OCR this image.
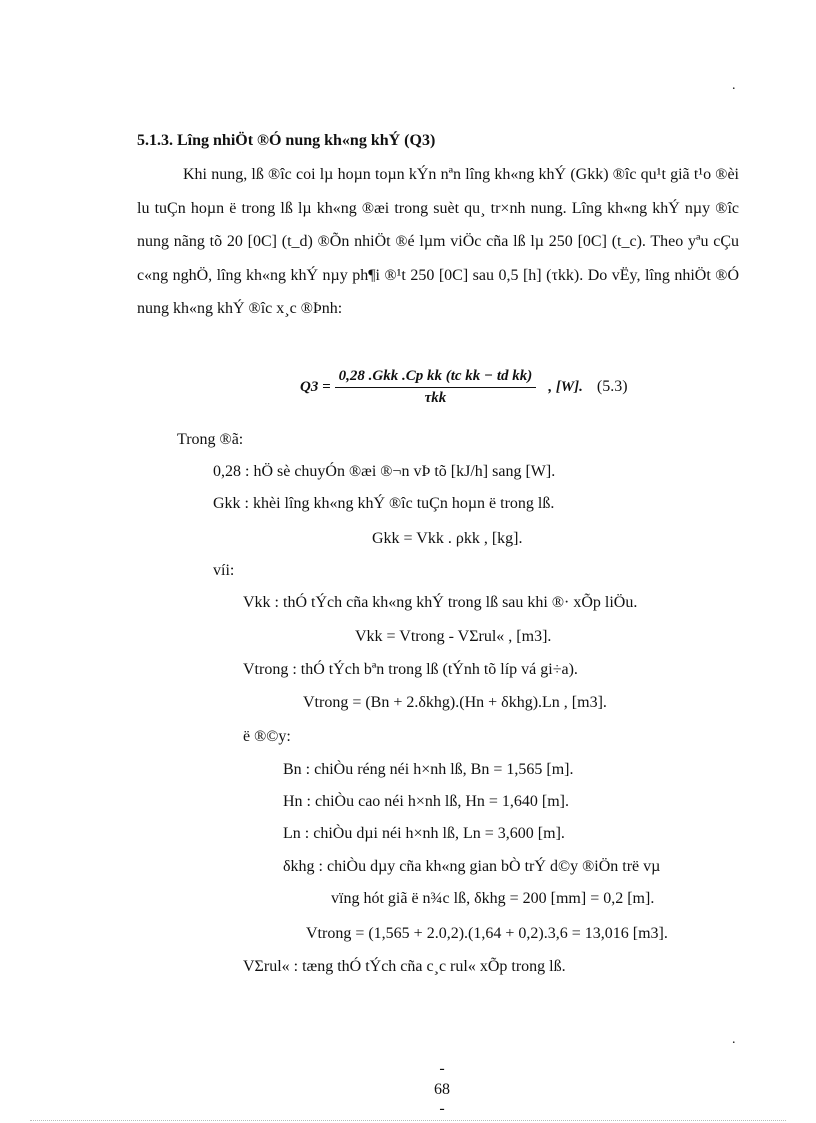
.
5.1.3. Lîng nhiÖt ®Ó nung kh«ng khÝ (Q3)
Khi nung, lß ®îc coi lµ hoµn toµn kÝn nªn lîng kh«ng khÝ (Gkk) ®îc qu¹t giã t¹o ®èi lu tuÇn hoµn ë trong lß lµ kh«ng ®æi trong suèt qu¸ tr×nh nung. Lîng kh«ng khÝ nµy ®îc nung nãng tõ 20 [0C] (t_d) ®Õn nhiÖt ®é lµm viÖc cña lß lµ 250 [0C] (t_c). Theo yªu cÇu c«ng nghÖ, lîng kh«ng khÝ nµy ph¶i ®¹t 250 [0C] sau 0,5 [h] (τkk). Do vËy, lîng nhiÖt ®Ó nung kh«ng khÝ ®îc x¸c ®Þnh:
$Q3 = \frac{\text{0,28 .Gkk .Cp kk (tc kk − td kk)}}{\text{τkk}}$ , [W]. (5.3)
Trong ®ã:
0,28 : hÖ sè chuyÓn ®æi ®¬n vÞ tõ [kJ/h] sang [W].
Gkk : khèi lîng kh«ng khÝ ®îc tuÇn hoµn ë trong lß.
Gkk = Vkk . ρkk , [kg].
víi:
Vkk : thÓ tÝch cña kh«ng khÝ trong lß sau khi ®· xÕp liÖu.
Vkk = Vtrong - VΣrul« , [m3].
Vtrong : thÓ tÝch bªn trong lß (tÝnh tõ líp vá gi÷a).
Vtrong = (Bn + 2.δkhg).(Hn + δkhg).Ln , [m3].
ë ®©y:
Bn : chiÒu réng néi h×nh lß, Bn = 1,565 [m].
Hn : chiÒu cao néi h×nh lß, Hn = 1,640 [m].
Ln : chiÒu dµi néi h×nh lß, Ln = 3,600 [m].
δkhg : chiÒu dµy cña kh«ng gian bÒ trÝ d©y ®iÖn trë vµ
vïng hót giã ë n¾c lß, δkhg = 200 [mm] = 0,2 [m].
Vtrong = (1,565 + 2.0,2).(1,64 + 0,2).3,6 = 13,016 [m3].
VΣrul« : tæng thÓ tÝch cña c¸c rul« xÕp trong lß.
.
-
68
-
